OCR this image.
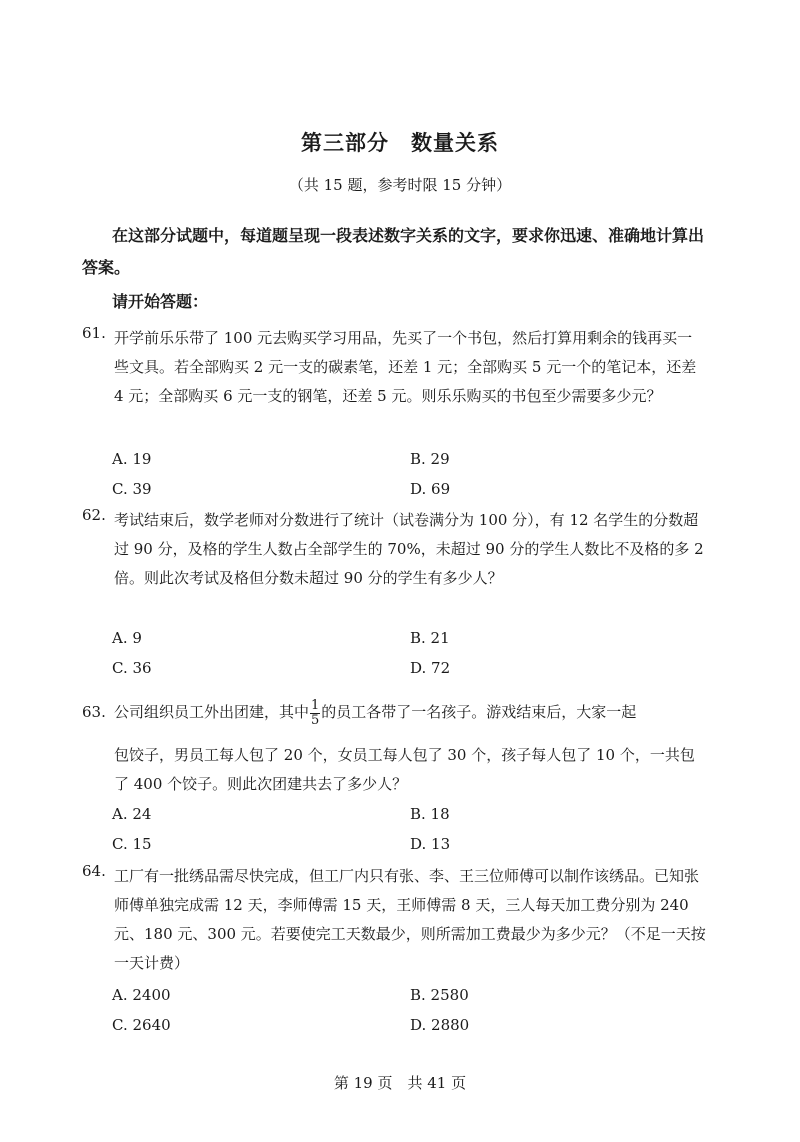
第三部分　数量关系
（共 15 题，参考时限 15 分钟）
在这部分试题中，每道题呈现一段表述数字关系的文字，要求你迅速、准确地计算出答案。
请开始答题：
61. 开学前乐乐带了 100 元去购买学习用品，先买了一个书包，然后打算用剩余的钱再买一些文具。若全部购买 2 元一支的碳素笔，还差 1 元；全部购买 5 元一个的笔记本，还差 4 元；全部购买 6 元一支的钢笔，还差 5 元。则乐乐购买的书包至少需要多少元？
A. 19	B. 29
C. 39	D. 69
62. 考试结束后，数学老师对分数进行了统计（试卷满分为 100 分），有 12 名学生的分数超过 90 分，及格的学生人数占全部学生的 70%，未超过 90 分的学生人数比不及格的多 2 倍。则此次考试及格但分数未超过 90 分的学生有多少人？
A. 9	B. 21
C. 36	D. 72
63. 公司组织员工外出团建，其中 $\frac{1}{5}$ 的员工各带了一名孩子。游戏结束后，大家一起
包饺子，男员工每人包了 20 个，女员工每人包了 30 个，孩子每人包了 10 个，一共包了 400 个饺子。则此次团建共去了多少人？
A. 24	B. 18
C. 15	D. 13
64. 工厂有一批绣品需尽快完成，但工厂内只有张、李、王三位师傅可以制作该绣品。已知张师傅单独完成需 12 天，李师傅需 15 天，王师傅需 8 天，三人每天加工费分别为 240 元、180 元、300 元。若要使完工天数最少，则所需加工费最少为多少元？（不足一天按一天计费）
A. 2400	B. 2580
C. 2640	D. 2880
第 19 页　共 41 页
